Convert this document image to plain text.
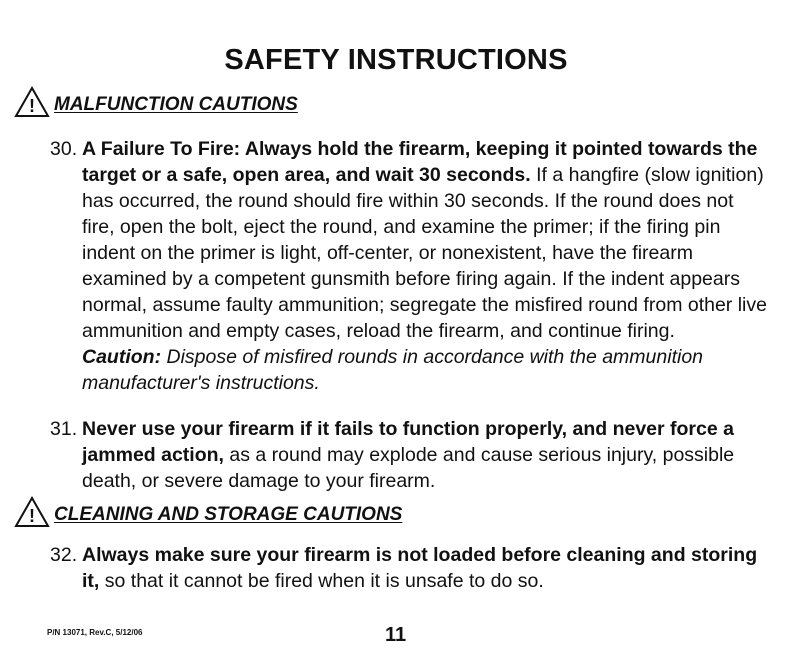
SAFETY INSTRUCTIONS
! MALFUNCTION CAUTIONS
30. A Failure To Fire: Always hold the firearm, keeping it pointed towards the target or a safe, open area, and wait 30 seconds. If a hangfire (slow ignition) has occurred, the round should fire within 30 seconds. If the round does not fire, open the bolt, eject the round, and examine the primer; if the firing pin indent on the primer is light, off-center, or nonexistent, have the firearm examined by a competent gunsmith before firing again. If the indent appears normal, assume faulty ammunition; segregate the misfired round from other live ammunition and empty cases, reload the firearm, and continue firing.

Caution: Dispose of misfired rounds in accordance with the ammunition manufacturer's instructions.

31. Never use your firearm if it fails to function properly, and never force a jammed action, as a round may explode and cause serious injury, possible death, or severe damage to your firearm.

! CLEANING AND STORAGE CAUTIONS
32. Always make sure your firearm is not loaded before cleaning and storing it, so that it cannot be fired when it is unsafe to do so.

P/N 13071, Rev.C, 5/12/06	11
